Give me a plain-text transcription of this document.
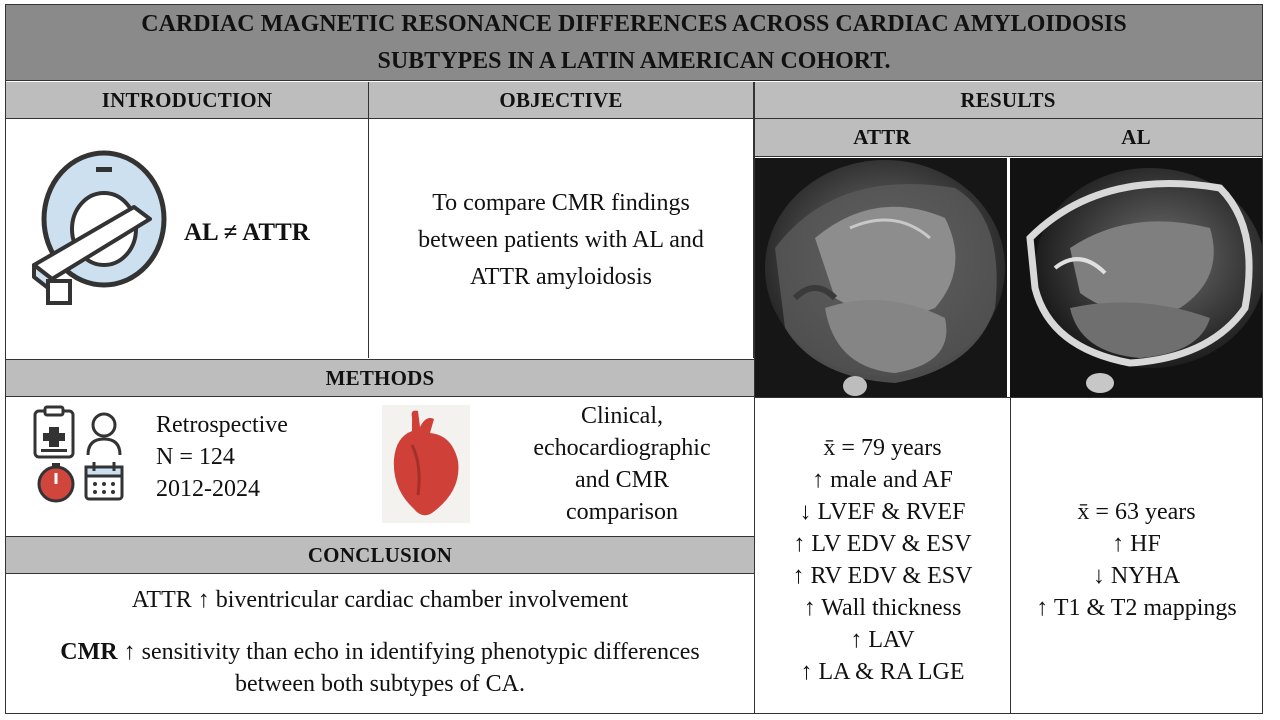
CARDIAC MAGNETIC RESONANCE DIFFERENCES ACROSS CARDIAC AMYLOIDOSIS
SUBTYPES IN A LATIN AMERICAN COHORT.
INTRODUCTION	OBJECTIVE	RESULTS
ATTR	AL
AL ≠ ATTR
To compare CMR findings
between patients with AL and
ATTR amyloidosis
METHODS
Retrospective
N = 124
2012-2024
Clinical,
echocardiographic
and CMR
comparison
CONCLUSION
ATTR ↑ biventricular cardiac chamber involvement
CMR ↑ sensitivity than echo in identifying phenotypic differences
between both subtypes of CA.
x̄ = 79 years
↑ male and AF
↓ LVEF & RVEF
↑ LV EDV & ESV
↑ RV EDV & ESV
↑ Wall thickness
↑ LAV
↑ LA & RA LGE
x̄ = 63 years
↑ HF
↓ NYHA
↑ T1 & T2 mappings
